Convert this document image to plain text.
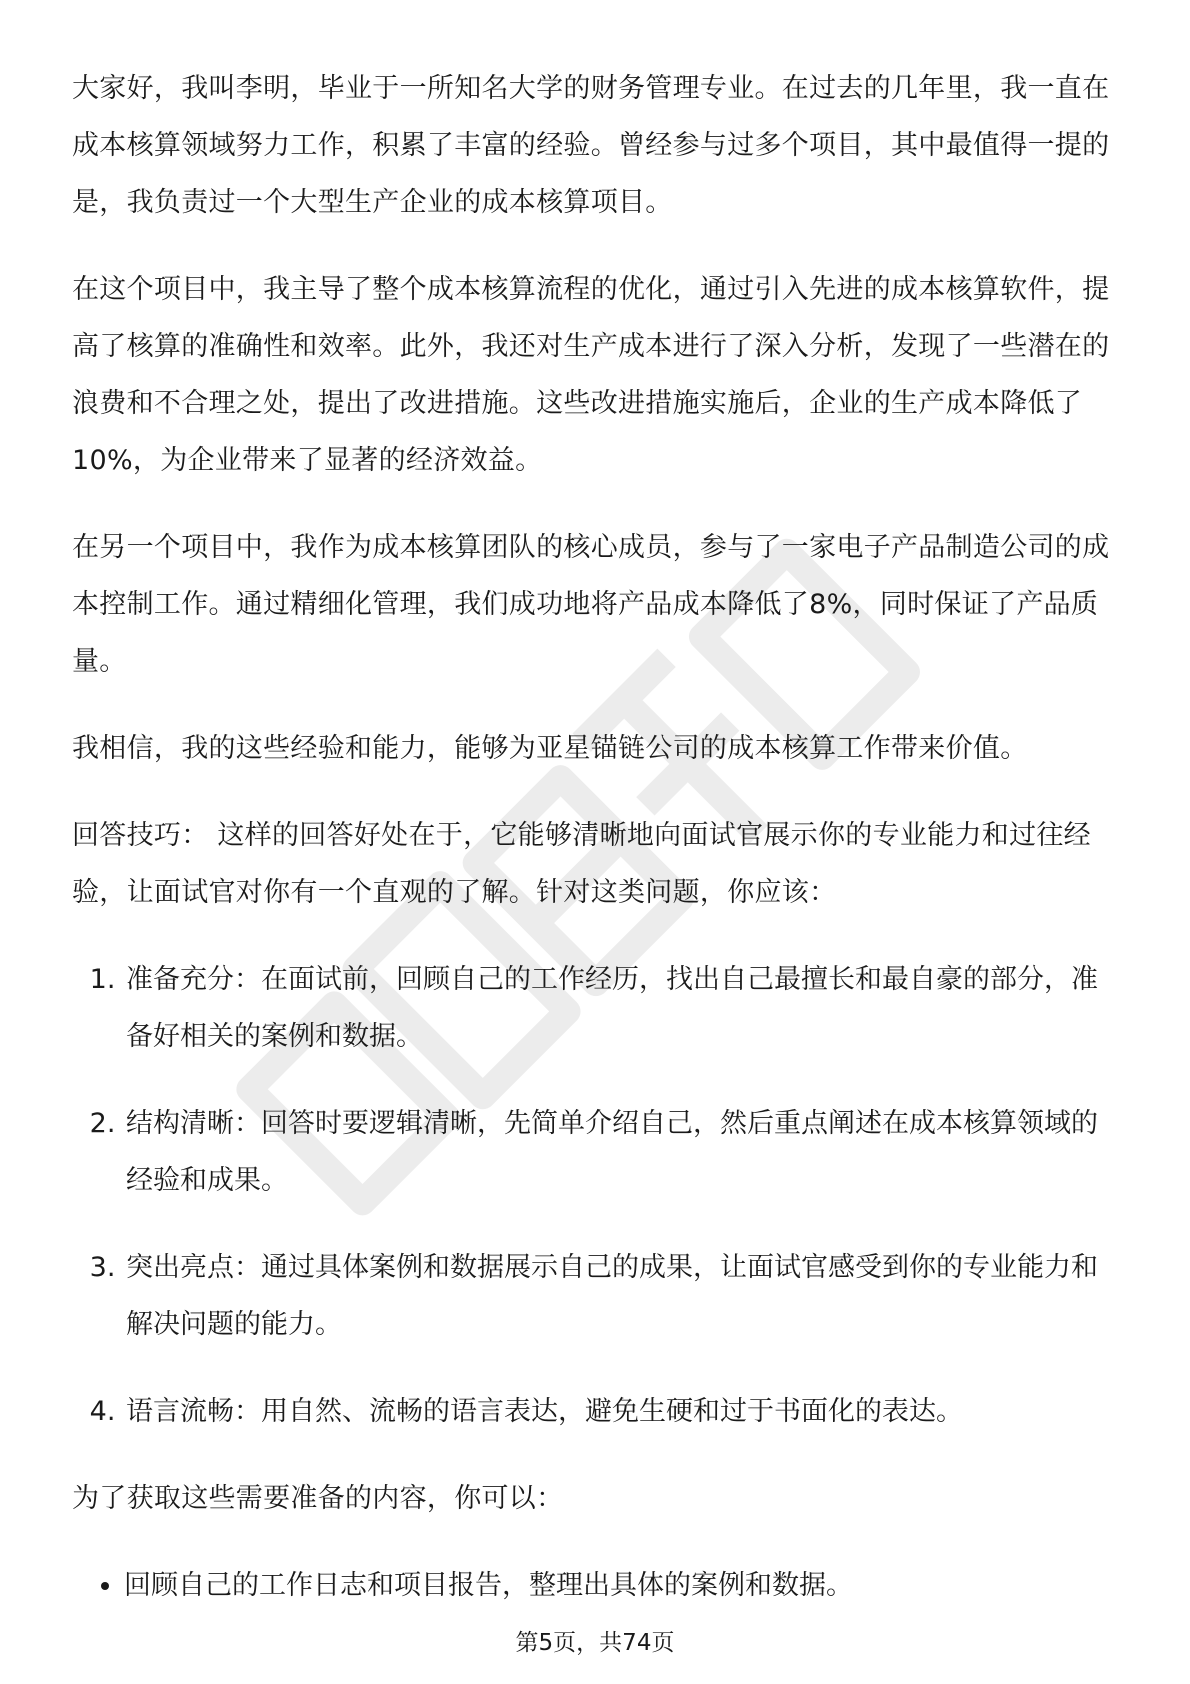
大家好，我叫李明，毕业于一所知名大学的财务管理专业。在过去的几年里，我一直在成本核算领域努力工作，积累了丰富的经验。曾经参与过多个项目，其中最值得一提的是，我负责过一个大型生产企业的成本核算项目。

在这个项目中，我主导了整个成本核算流程的优化，通过引入先进的成本核算软件，提高了核算的准确性和效率。此外，我还对生产成本进行了深入分析，发现了一些潜在的浪费和不合理之处，提出了改进措施。这些改进措施实施后，企业的生产成本降低了10%，为企业带来了显著的经济效益。

在另一个项目中，我作为成本核算团队的核心成员，参与了一家电子产品制造公司的成本控制工作。通过精细化管理，我们成功地将产品成本降低了8%，同时保证了产品质量。

我相信，我的这些经验和能力，能够为亚星锚链公司的成本核算工作带来价值。

回答技巧： 这样的回答好处在于，它能够清晰地向面试官展示你的专业能力和过往经验，让面试官对你有一个直观的了解。针对这类问题，你应该：

1. 准备充分：在面试前，回顾自己的工作经历，找出自己最擅长和最自豪的部分，准备好相关的案例和数据。
2. 结构清晰：回答时要逻辑清晰，先简单介绍自己，然后重点阐述在成本核算领域的经验和成果。
3. 突出亮点：通过具体案例和数据展示自己的成果，让面试官感受到你的专业能力和解决问题的能力。
4. 语言流畅：用自然、流畅的语言表达，避免生硬和过于书面化的表达。

为了获取这些需要准备的内容，你可以：

• 回顾自己的工作日志和项目报告，整理出具体的案例和数据。
第5页，共74页
